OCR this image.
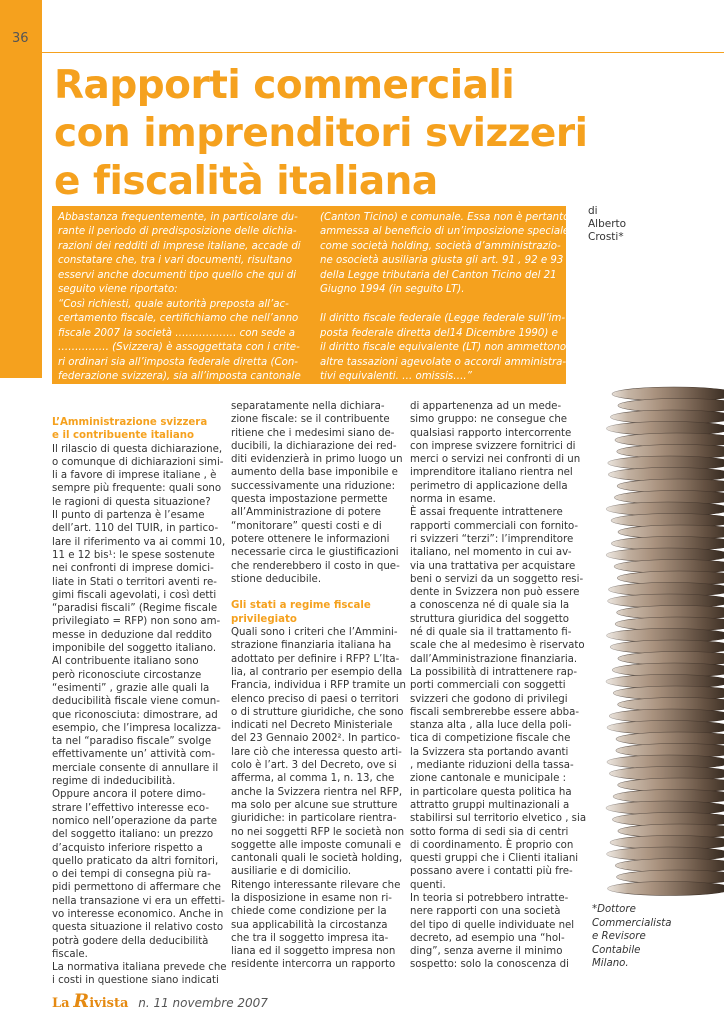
36
Rapporti commerciali
con imprenditori svizzeri
e fiscalità italiana
di
Alberto
Crosti*
Abbastanza frequentemente, in particolare du-
rante il periodo di predisposizione delle dichia-
razioni dei redditi di imprese italiane, accade di
constatare che, tra i vari documenti, risultano
esservi anche documenti tipo quello che qui di
seguito viene riportato:
“Così richiesti, quale autorità preposta all’ac-
certamento fiscale, certifichiamo che nell’anno
fiscale 2007 la società ……………… con sede a
…………… (Svizzera) è assoggettata con i crite-
ri ordinari sia all’imposta federale diretta (Con-
federazione svizzera), sia all’imposta cantonale
(Canton Ticino) e comunale. Essa non è pertanto
ammessa al beneficio di un’imposizione speciale
come società holding, società d’amministrazio-
ne osocietà ausiliaria giusta gli art. 91 , 92 e 93
della Legge tributaria del Canton Ticino del 21
Giugno 1994 (in seguito LT).

Il diritto fiscale federale (Legge federale sull’im-
posta federale diretta del14 Dicembre 1990) e
il diritto fiscale equivalente (LT) non ammettono
altre tassazioni agevolate o accordi amministra-
tivi equivalenti. … omissis….”
L’Amministrazione svizzera
e il contribuente italiano
Il rilascio di questa dichiarazione,
o comunque di dichiarazioni simi-
li a favore di imprese italiane , è
sempre più frequente: quali sono
le ragioni di questa situazione?
Il punto di partenza è l’esame
dell’art. 110 del TUIR, in partico-
lare il riferimento va ai commi 10,
11 e 12 bis¹: le spese sostenute
nei confronti di imprese domici-
liate in Stati o territori aventi re-
gimi fiscali agevolati, i così detti
“paradisi fiscali” (Regime fiscale
privilegiato = RFP) non sono am-
messe in deduzione dal reddito
imponibile del soggetto italiano.
Al contribuente italiano sono
però riconosciute circostanze
“esimenti” , grazie alle quali la
deducibilità fiscale viene comun-
que riconosciuta: dimostrare, ad
esempio, che l’impresa localizza-
ta nel “paradiso fiscale” svolge
effettivamente un’ attività com-
merciale consente di annullare il
regime di indeducibilità.
Oppure ancora il potere dimo-
strare l’effettivo interesse eco-
nomico nell’operazione da parte
del soggetto italiano: un prezzo
d’acquisto inferiore rispetto a
quello praticato da altri fornitori,
o dei tempi di consegna più ra-
pidi permettono di affermare che
nella transazione vi era un effetti-
vo interesse economico. Anche in
questa situazione il relativo costo
potrà godere della deducibilità
fiscale.
La normativa italiana prevede che
i costi in questione siano indicati
separatamente nella dichiara-
zione fiscale: se il contribuente
ritiene che i medesimi siano de-
ducibili, la dichiarazione dei red-
diti evidenzierà in primo luogo un
aumento della base imponibile e
successivamente una riduzione:
questa impostazione permette
all’Amministrazione di potere
“monitorare” questi costi e di
potere ottenere le informazioni
necessarie circa le giustificazioni
che renderebbero il costo in que-
stione deducibile.

Gli stati a regime fiscale
privilegiato
Quali sono i criteri che l’Ammini-
strazione finanziaria italiana ha
adottato per definire i RFP? L’Ita-
lia, al contrario per esempio della
Francia, individua i RFP tramite un
elenco preciso di paesi o territori
o di strutture giuridiche, che sono
indicati nel Decreto Ministeriale
del 23 Gennaio 2002². In partico-
lare ciò che interessa questo arti-
colo è l’art. 3 del Decreto, ove si
afferma, al comma 1, n. 13, che
anche la Svizzera rientra nel RFP,
ma solo per alcune sue strutture
giuridiche: in particolare rientra-
no nei soggetti RFP le società non
soggette alle imposte comunali e
cantonali quali le società holding,
ausiliarie e di domicilio.
Ritengo interessante rilevare che
la disposizione in esame non ri-
chiede come condizione per la
sua applicabilità la circostanza
che tra il soggetto impresa ita-
liana ed il soggetto impresa non
residente intercorra un rapporto
di appartenenza ad un mede-
simo gruppo: ne consegue che
qualsiasi rapporto intercorrente
con imprese svizzere fornitrici di
merci o servizi nei confronti di un
imprenditore italiano rientra nel
perimetro di applicazione della
norma in esame.
È assai frequente intrattenere
rapporti commerciali con fornito-
ri svizzeri “terzi”: l’imprenditore
italiano, nel momento in cui av-
via una trattativa per acquistare
beni o servizi da un soggetto resi-
dente in Svizzera non può essere
a conoscenza né di quale sia la
struttura giuridica del soggetto
né di quale sia il trattamento fi-
scale che al medesimo è riservato
dall’Amministrazione finanziaria.
La possibilità di intrattenere rap-
porti commerciali con soggetti
svizzeri che godono di privilegi
fiscali sembrerebbe essere abba-
stanza alta , alla luce della poli-
tica di competizione fiscale che
la Svizzera sta portando avanti
, mediante riduzioni della tassa-
zione cantonale e municipale :
in particolare questa politica ha
attratto gruppi multinazionali a
stabilirsi sul territorio elvetico , sia
sotto forma di sedi sia di centri
di coordinamento. È proprio con
questi gruppi che i Clienti italiani
possano avere i contatti più fre-
quenti.
In teoria si potrebbero intratte-
nere rapporti con una società
del tipo di quelle individuate nel
decreto, ad esempio una “hol-
ding”, senza averne il minimo
sospetto: solo la conoscenza di
*Dottore
Commercialista
e Revisore
Contabile
Milano.
La Rivista n. 11 novembre 2007
